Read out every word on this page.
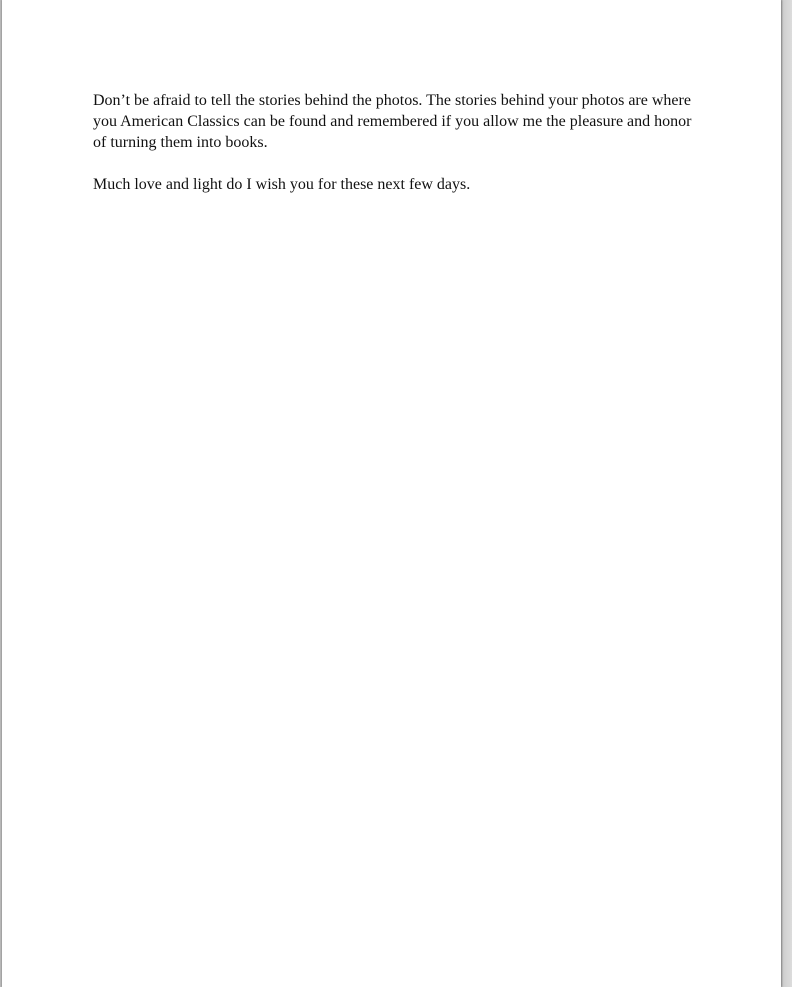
Don’t be afraid to tell the stories behind the photos. The stories behind your photos are where you American Classics can be found and remembered if you allow me the pleasure and honor of turning them into books.

Much love and light do I wish you for these next few days.
